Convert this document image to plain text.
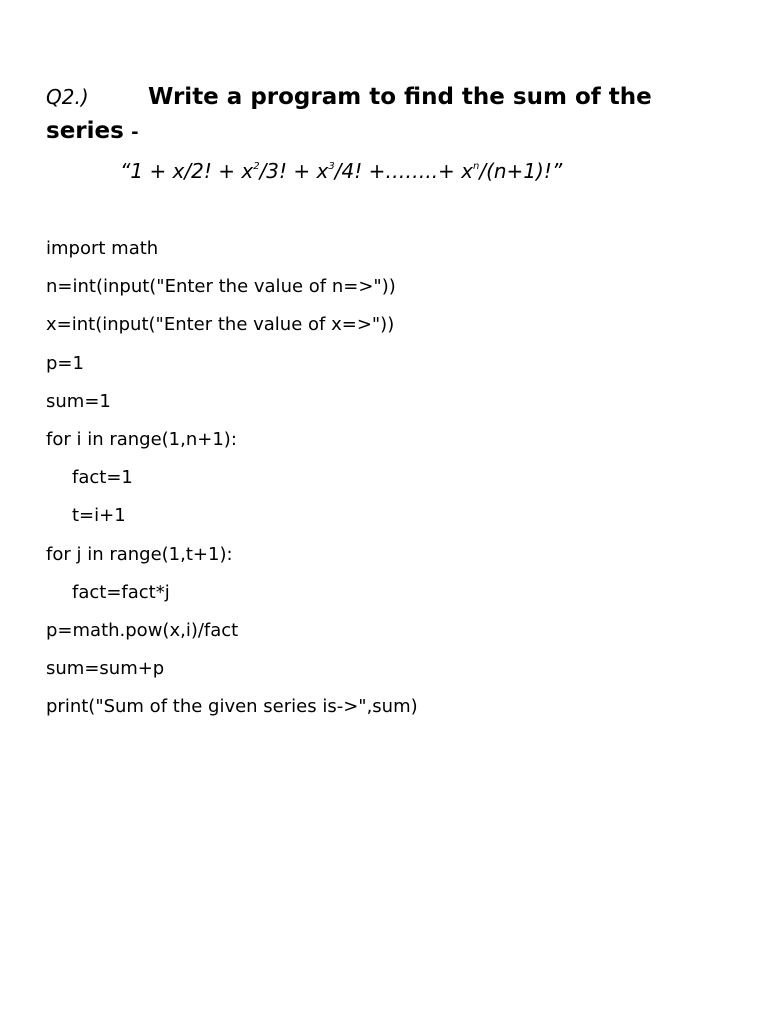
Q2.)	Write a program to find the sum of the series -
“1 + x/2! + $x^2/3$! + $x^3/4$! +……..+ $x^n/(n+1)$!”
import math
n=int(input("Enter the value of n=>"))
x=int(input("Enter the value of x=>"))
p=1
sum=1
for i in range(1,n+1):
fact=1
t=i+1
for j in range(1,t+1):
fact=fact*j
p=math.pow(x,i)/fact
sum=sum+p
print("Sum of the given series is->",sum)
